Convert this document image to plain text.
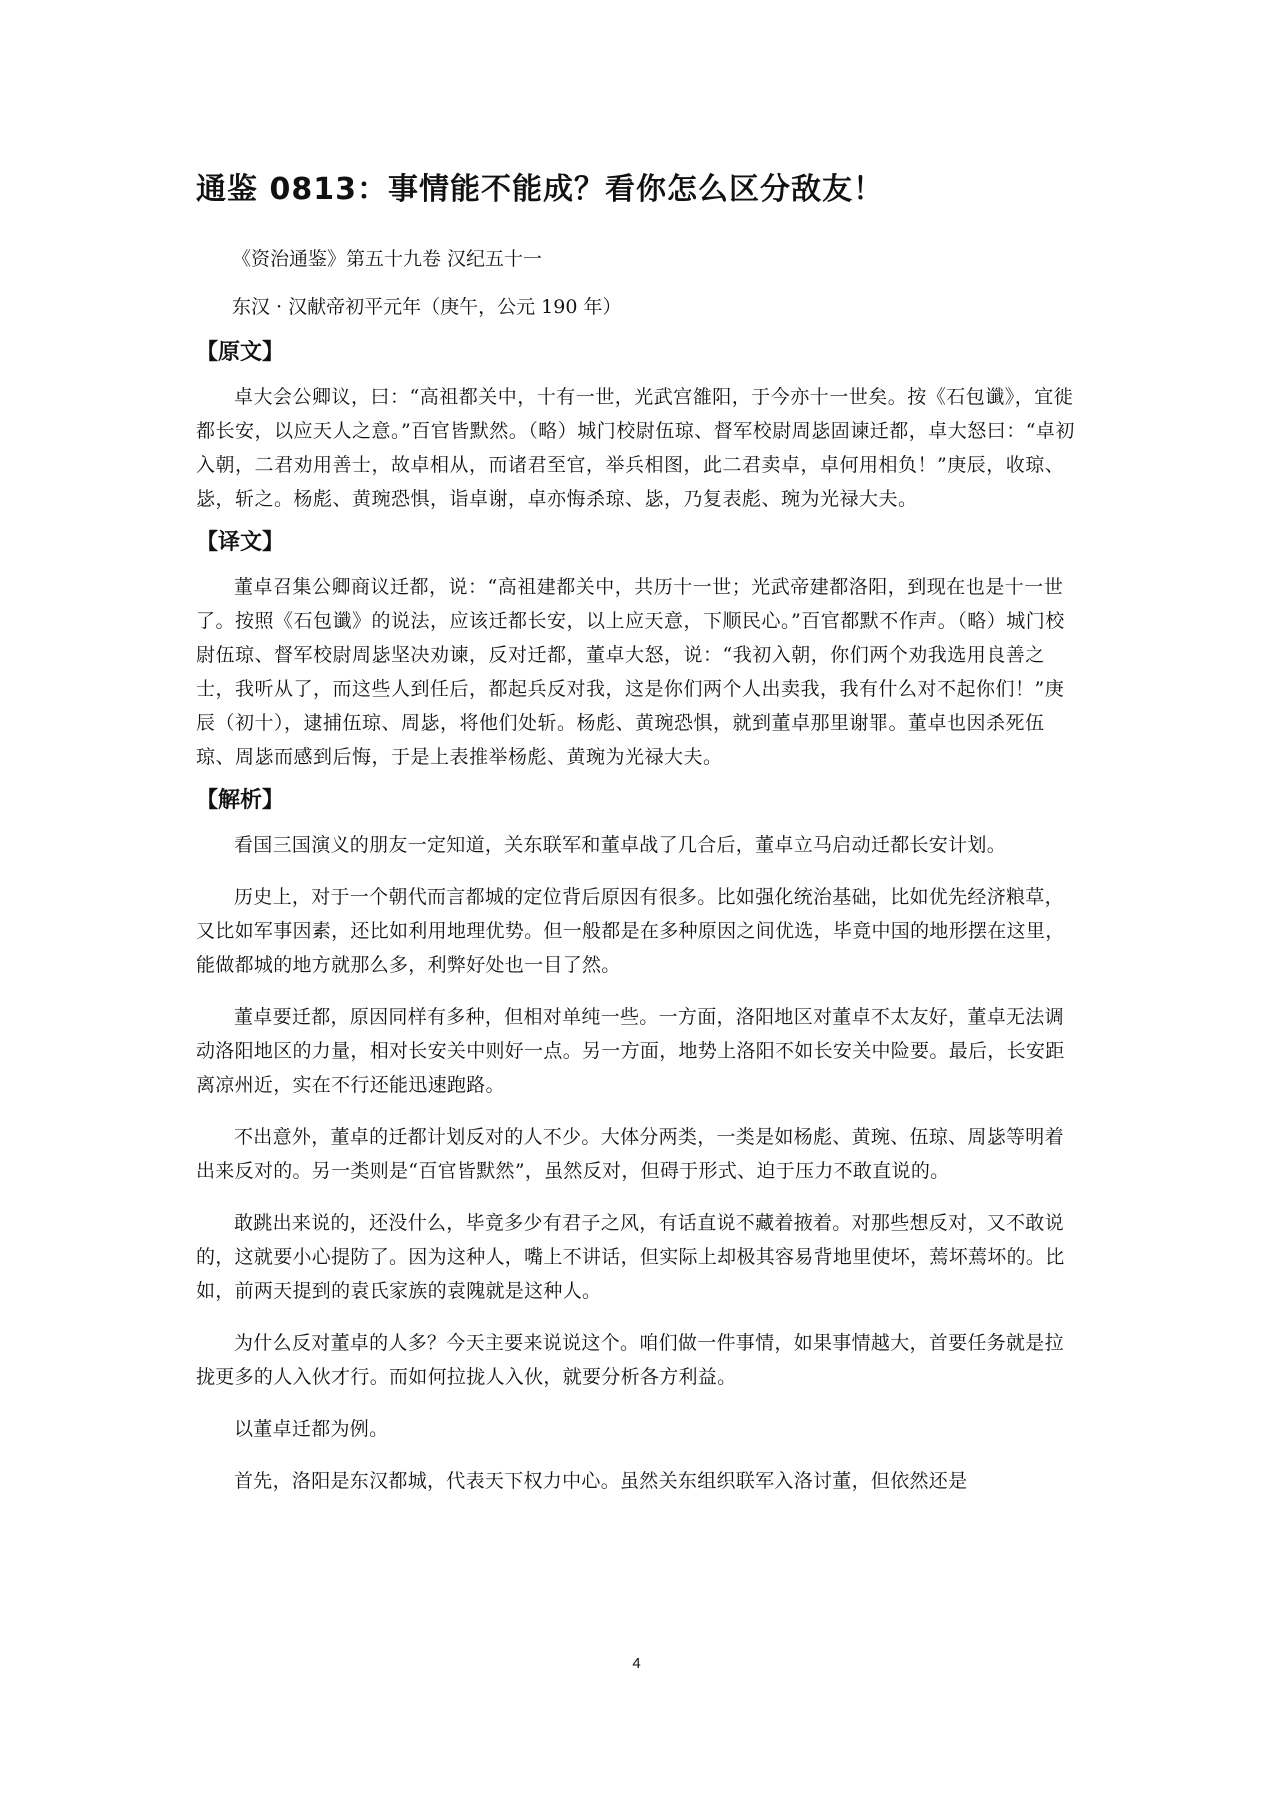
通鉴 0813：事情能不能成？看你怎么区分敌友！
《资治通鉴》第五十九卷 汉纪五十一
东汉 · 汉献帝初平元年（庚午，公元 190 年）
【原文】

卓大会公卿议，曰：“高祖都关中，十有一世，光武宫雒阳，于今亦十一世矣。按《石包谶》，宜徙都长安，以应天人之意。”百官皆默然。（略）城门校尉伍琼、督军校尉周毖固谏迁都，卓大怒曰：“卓初入朝，二君劝用善士，故卓相从，而诸君至官，举兵相图，此二君卖卓，卓何用相负！”庚辰，收琼、毖，斩之。杨彪、黄琬恐惧，诣卓谢，卓亦悔杀琼、毖，乃复表彪、琬为光禄大夫。

【译文】

董卓召集公卿商议迁都，说：“高祖建都关中，共历十一世；光武帝建都洛阳，到现在也是十一世了。按照《石包谶》的说法，应该迁都长安，以上应天意，下顺民心。”百官都默不作声。（略）城门校尉伍琼、督军校尉周毖坚决劝谏，反对迁都，董卓大怒，说：“我初入朝，你们两个劝我选用良善之士，我听从了，而这些人到任后，都起兵反对我，这是你们两个人出卖我，我有什么对不起你们！”庚辰（初十），逮捕伍琼、周毖，将他们处斩。杨彪、黄琬恐惧，就到董卓那里谢罪。董卓也因杀死伍琼、周毖而感到后悔，于是上表推举杨彪、黄琬为光禄大夫。

【解析】

看国三国演义的朋友一定知道，关东联军和董卓战了几合后，董卓立马启动迁都长安计划。

历史上，对于一个朝代而言都城的定位背后原因有很多。比如强化统治基础，比如优先经济粮草，又比如军事因素，还比如利用地理优势。但一般都是在多种原因之间优选，毕竟中国的地形摆在这里，能做都城的地方就那么多，利弊好处也一目了然。

董卓要迁都，原因同样有多种，但相对单纯一些。一方面，洛阳地区对董卓不太友好，董卓无法调动洛阳地区的力量，相对长安关中则好一点。另一方面，地势上洛阳不如长安关中险要。最后，长安距离凉州近，实在不行还能迅速跑路。

不出意外，董卓的迁都计划反对的人不少。大体分两类，一类是如杨彪、黄琬、伍琼、周毖等明着出来反对的。另一类则是“百官皆默然”，虽然反对，但碍于形式、迫于压力不敢直说的。

敢跳出来说的，还没什么，毕竟多少有君子之风，有话直说不藏着掖着。对那些想反对，又不敢说的，这就要小心提防了。因为这种人，嘴上不讲话，但实际上却极其容易背地里使坏，蔫坏蔫坏的。比如，前两天提到的袁氏家族的袁隗就是这种人。

为什么反对董卓的人多？今天主要来说说这个。咱们做一件事情，如果事情越大，首要任务就是拉拢更多的人入伙才行。而如何拉拢人入伙，就要分析各方利益。

以董卓迁都为例。

首先，洛阳是东汉都城，代表天下权力中心。虽然关东组织联军入洛讨董，但依然还是

4
